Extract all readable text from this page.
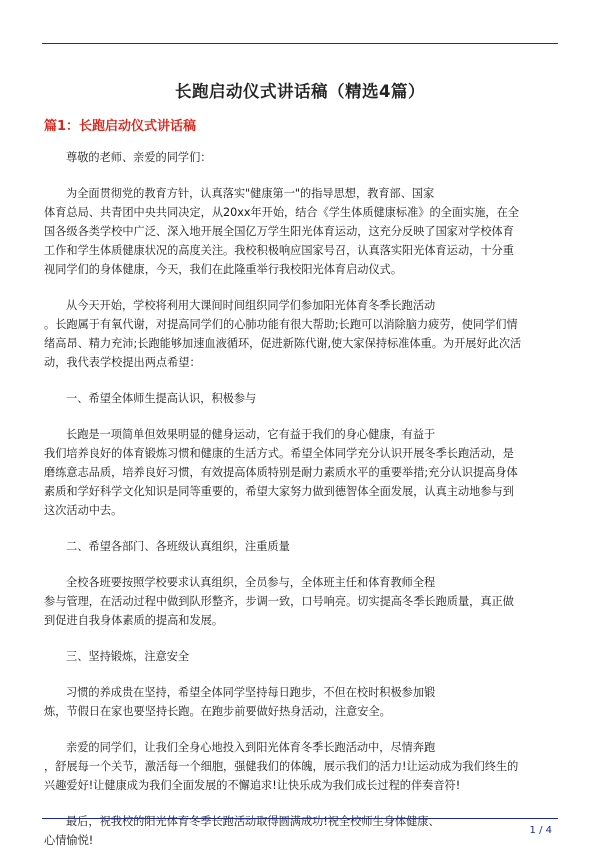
长跑启动仪式讲话稿（精选4篇）
篇1：长跑启动仪式讲话稿
尊敬的老师、亲爱的同学们：
为全面贯彻党的教育方针，认真落实"健康第一"的指导思想，教育部、国家
体育总局、共青团中央共同决定，从20xx年开始，结合《学生体质健康标准》的全面实施，在全
国各级各类学校中广泛、深入地开展全国亿万学生阳光体育运动，这充分反映了国家对学校体育
工作和学生体质健康状况的高度关注。我校积极响应国家号召，认真落实阳光体育运动，十分重
视同学们的身体健康，今天，我们在此隆重举行我校阳光体育启动仪式。
从今天开始，学校将利用大课间时间组织同学们参加阳光体育冬季长跑活动
。长跑属于有氧代谢，对提高同学们的心肺功能有很大帮助;长跑可以消除脑力疲劳，使同学们情
绪高昂、精力充沛;长跑能够加速血液循环，促进新陈代谢,使大家保持标准体重。为开展好此次活
动，我代表学校提出两点希望：
一、希望全体师生提高认识，积极参与
长跑是一项简单但效果明显的健身运动，它有益于我们的身心健康，有益于
我们培养良好的体育锻炼习惯和健康的生活方式。希望全体同学充分认识开展冬季长跑活动，是
磨练意志品质，培养良好习惯，有效提高体质特别是耐力素质水平的重要举措;充分认识提高身体
素质和学好科学文化知识是同等重要的，希望大家努力做到德智体全面发展，认真主动地参与到
这次活动中去。
二、希望各部门、各班级认真组织，注重质量
全校各班要按照学校要求认真组织，全员参与，全体班主任和体育教师全程
参与管理，在活动过程中做到队形整齐，步调一致，口号响亮。切实提高冬季长跑质量，真正做
到促进自我身体素质的提高和发展。
三、坚持锻炼，注意安全
习惯的养成贵在坚持，希望全体同学坚持每日跑步，不但在校时积极参加锻
炼，节假日在家也要坚持长跑。在跑步前要做好热身活动，注意安全。
亲爱的同学们，让我们全身心地投入到阳光体育冬季长跑活动中，尽情奔跑
，舒展每一个关节，激活每一个细胞，强健我们的体魄，展示我们的活力!让运动成为我们终生的
兴趣爱好!让健康成为我们全面发展的不懈追求!让快乐成为我们成长过程的伴奏音符!
最后，祝我校的阳光体育冬季长跑活动取得圆满成功!祝全校师生身体健康、
心情愉悦!
1 / 4
